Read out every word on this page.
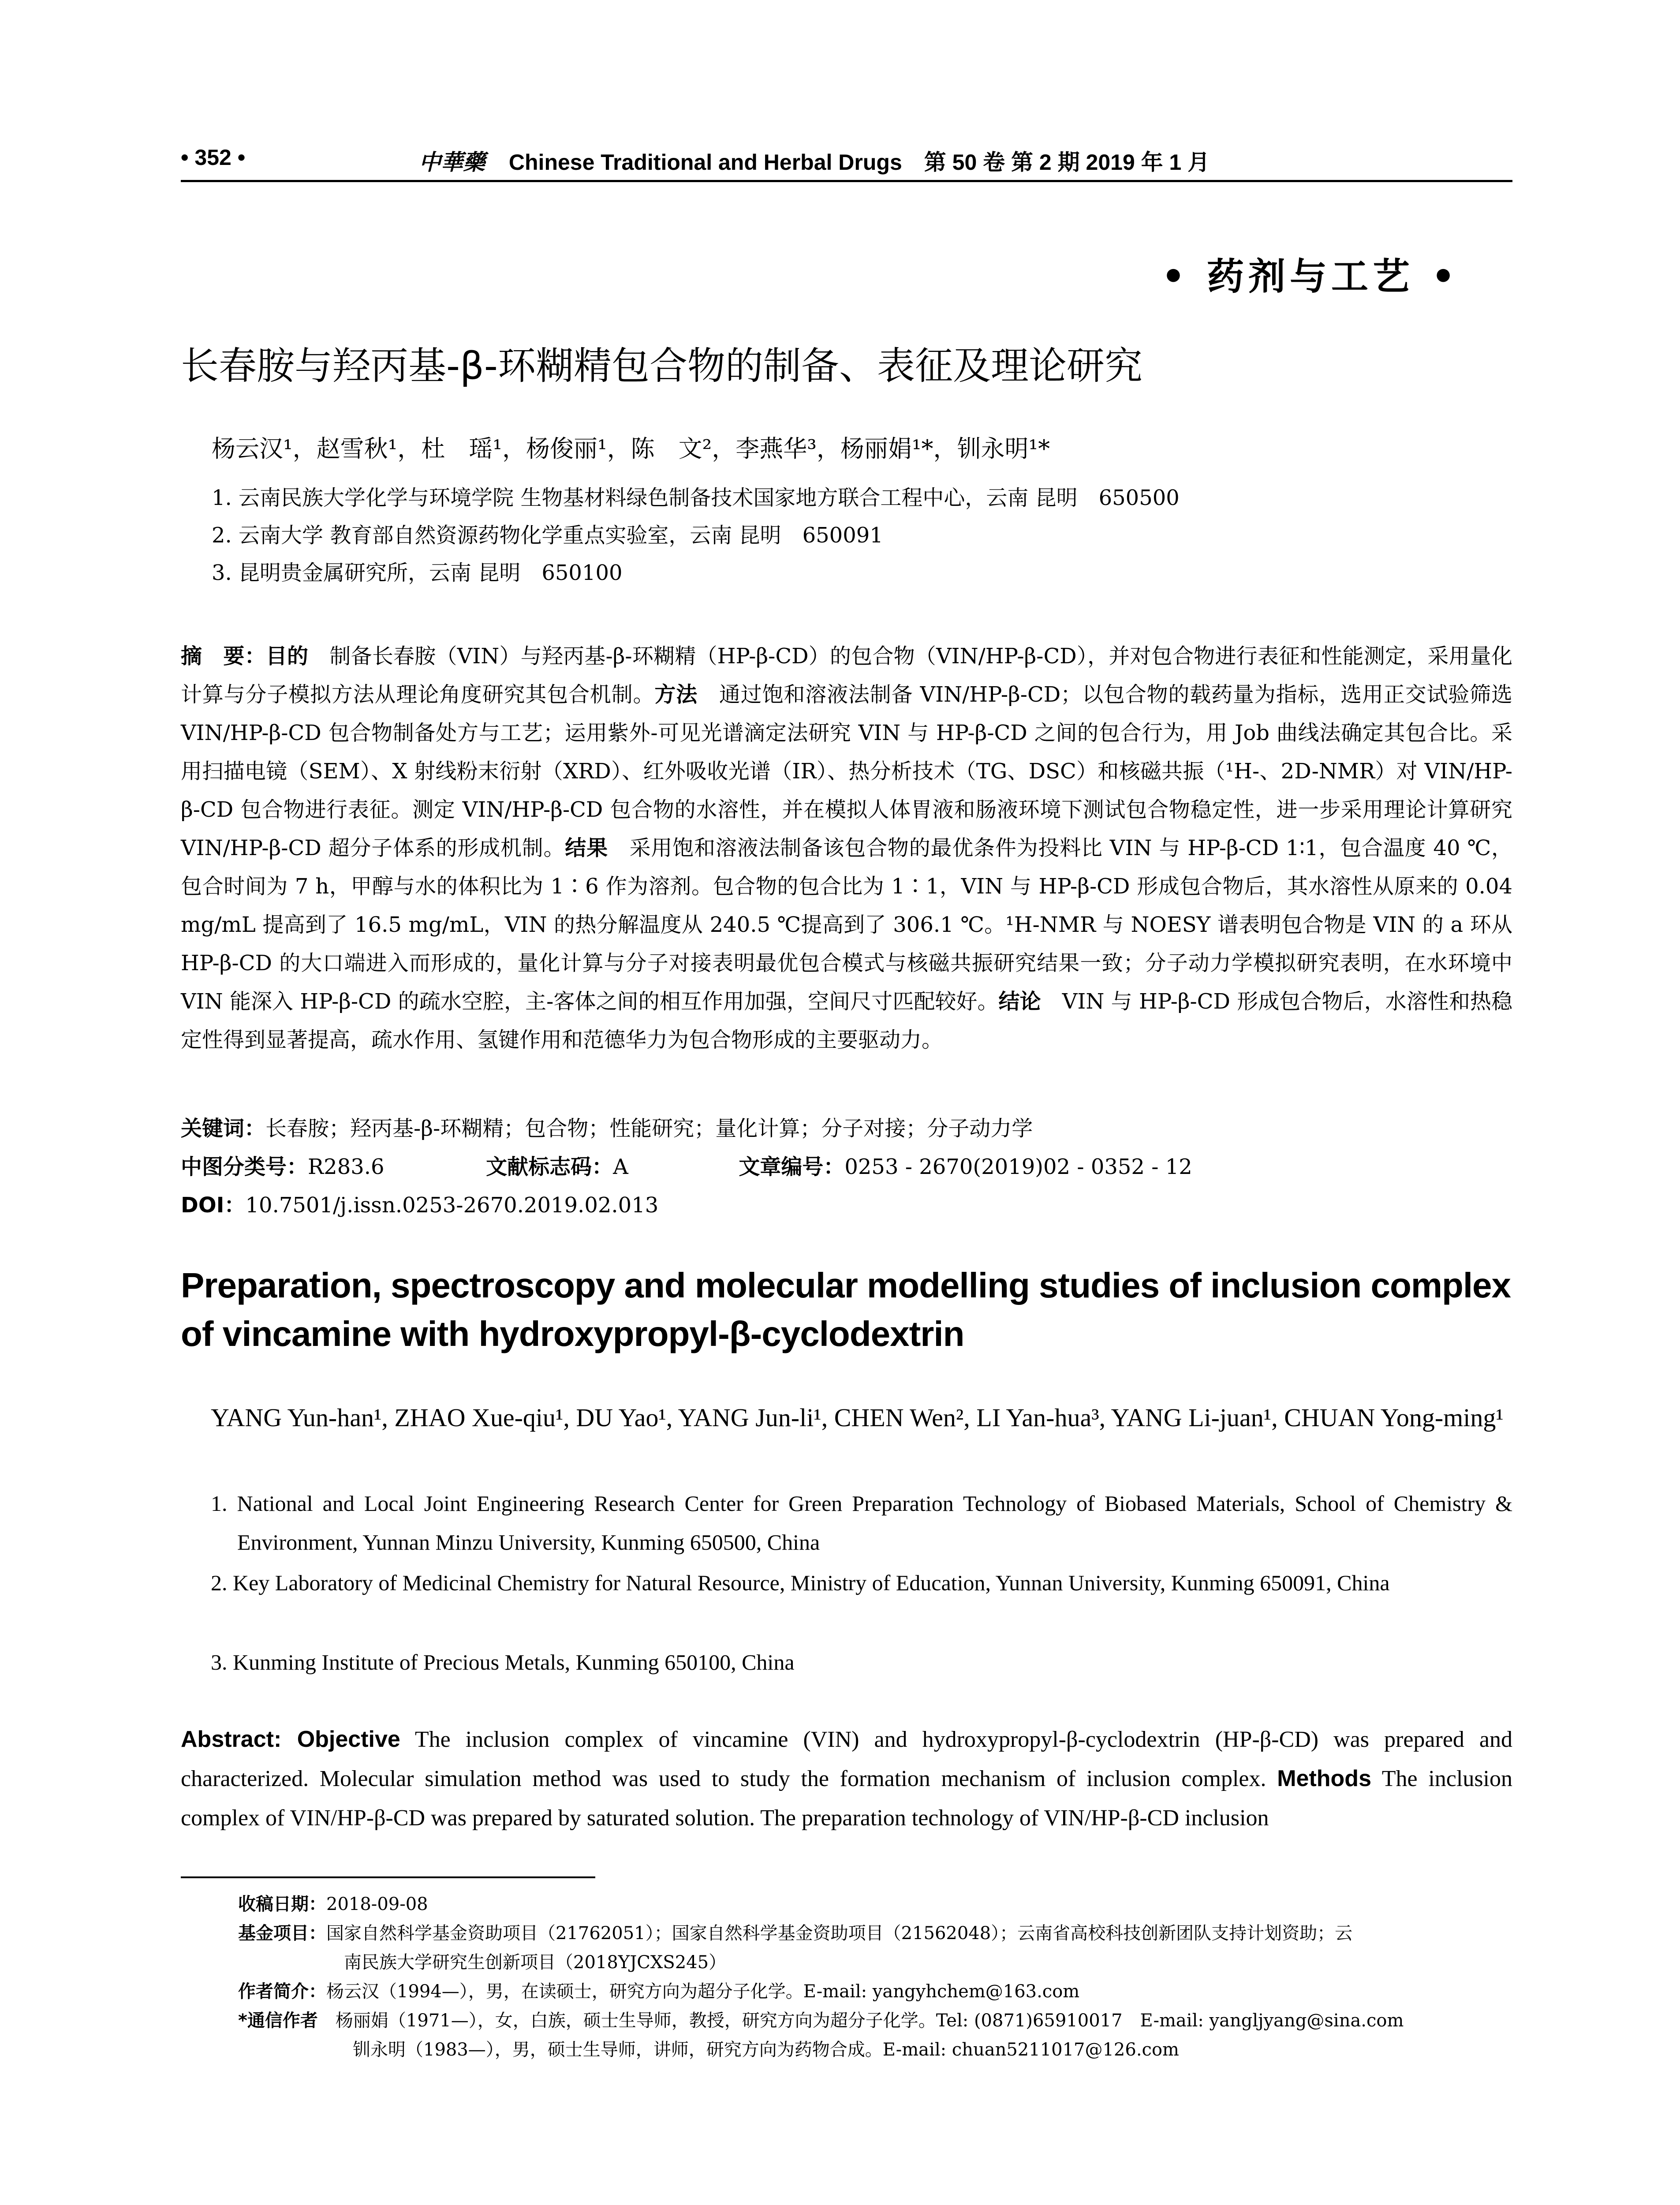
• 352 •	中華藥 Chinese Traditional and Herbal Drugs　第 50 卷 第 2 期 2019 年 1 月
• 药剂与工艺 •
长春胺与羟丙基-β-环糊精包合物的制备、表征及理论研究
杨云汉¹，赵雪秋¹，杜　瑶¹，杨俊丽¹，陈　文²，李燕华³，杨丽娟¹*，钏永明¹*
1. 云南民族大学化学与环境学院 生物基材料绿色制备技术国家地方联合工程中心，云南 昆明　650500
2. 云南大学 教育部自然资源药物化学重点实验室，云南 昆明　650091
3. 昆明贵金属研究所，云南 昆明　650100
摘　要：目的　制备长春胺（VIN）与羟丙基-β-环糊精（HP-β-CD）的包合物（VIN/HP-β-CD），并对包合物进行表征和性能测定，采用量化计算与分子模拟方法从理论角度研究其包合机制。方法　通过饱和溶液法制备 VIN/HP-β-CD；以包合物的载药量为指标，选用正交试验筛选 VIN/HP-β-CD 包合物制备处方与工艺；运用紫外-可见光谱滴定法研究 VIN 与 HP-β-CD 之间的包合行为，用 Job 曲线法确定其包合比。采用扫描电镜（SEM）、X 射线粉末衍射（XRD）、红外吸收光谱（IR）、热分析技术（TG、DSC）和核磁共振（¹H-、2D-NMR）对 VIN/HP-β-CD 包合物进行表征。测定 VIN/HP-β-CD 包合物的水溶性，并在模拟人体胃液和肠液环境下测试包合物稳定性，进一步采用理论计算研究 VIN/HP-β-CD 超分子体系的形成机制。结果　采用饱和溶液法制备该包合物的最优条件为投料比 VIN 与 HP-β-CD 1∶1，包合温度 40 ℃，包合时间为 7 h，甲醇与水的体积比为 1∶6 作为溶剂。包合物的包合比为 1∶1，VIN 与 HP-β-CD 形成包合物后，其水溶性从原来的 0.04 mg/mL 提高到了 16.5 mg/mL，VIN 的热分解温度从 240.5 ℃提高到了 306.1 ℃。¹H-NMR 与 NOESY 谱表明包合物是 VIN 的 a 环从 HP-β-CD 的大口端进入而形成的，量化计算与分子对接表明最优包合模式与核磁共振研究结果一致；分子动力学模拟研究表明，在水环境中 VIN 能深入 HP-β-CD 的疏水空腔，主-客体之间的相互作用加强，空间尺寸匹配较好。结论　VIN 与 HP-β-CD 形成包合物后，水溶性和热稳定性得到显著提高，疏水作用、氢键作用和范德华力为包合物形成的主要驱动力。
关键词：长春胺；羟丙基-β-环糊精；包合物；性能研究；量化计算；分子对接；分子动力学
中图分类号：R283.6	文献标志码：A	文章编号：0253 - 2670(2019)02 - 0352 - 12
DOI：10.7501/j.issn.0253-2670.2019.02.013
Preparation, spectroscopy and molecular modelling studies of inclusion complex of vincamine with hydroxypropyl-β-cyclodextrin
YANG Yun-han¹, ZHAO Xue-qiu¹, DU Yao¹, YANG Jun-li¹, CHEN Wen², LI Yan-hua³, YANG Li-juan¹, CHUAN Yong-ming¹
1. National and Local Joint Engineering Research Center for Green Preparation Technology of Biobased Materials, School of Chemistry & Environment, Yunnan Minzu University, Kunming 650500, China
2. Key Laboratory of Medicinal Chemistry for Natural Resource, Ministry of Education, Yunnan University, Kunming 650091, China
3. Kunming Institute of Precious Metals, Kunming 650100, China
Abstract: Objective The inclusion complex of vincamine (VIN) and hydroxypropyl-β-cyclodextrin (HP-β-CD) was prepared and characterized. Molecular simulation method was used to study the formation mechanism of inclusion complex. Methods The inclusion complex of VIN/HP-β-CD was prepared by saturated solution. The preparation technology of VIN/HP-β-CD inclusion
收稿日期：2018-09-08
基金项目：国家自然科学基金资助项目（21762051）；国家自然科学基金资助项目（21562048）；云南省高校科技创新团队支持计划资助；云
南民族大学研究生创新项目（2018YJCXS245）
作者简介：杨云汉（1994—），男，在读硕士，研究方向为超分子化学。E-mail: yangyhchem@163.com
*通信作者　杨丽娟（1971—），女，白族，硕士生导师，教授，研究方向为超分子化学。Tel: (0871)65910017　E-mail: yangljyang@sina.com
钏永明（1983—），男，硕士生导师，讲师，研究方向为药物合成。E-mail: chuan5211017@126.com
